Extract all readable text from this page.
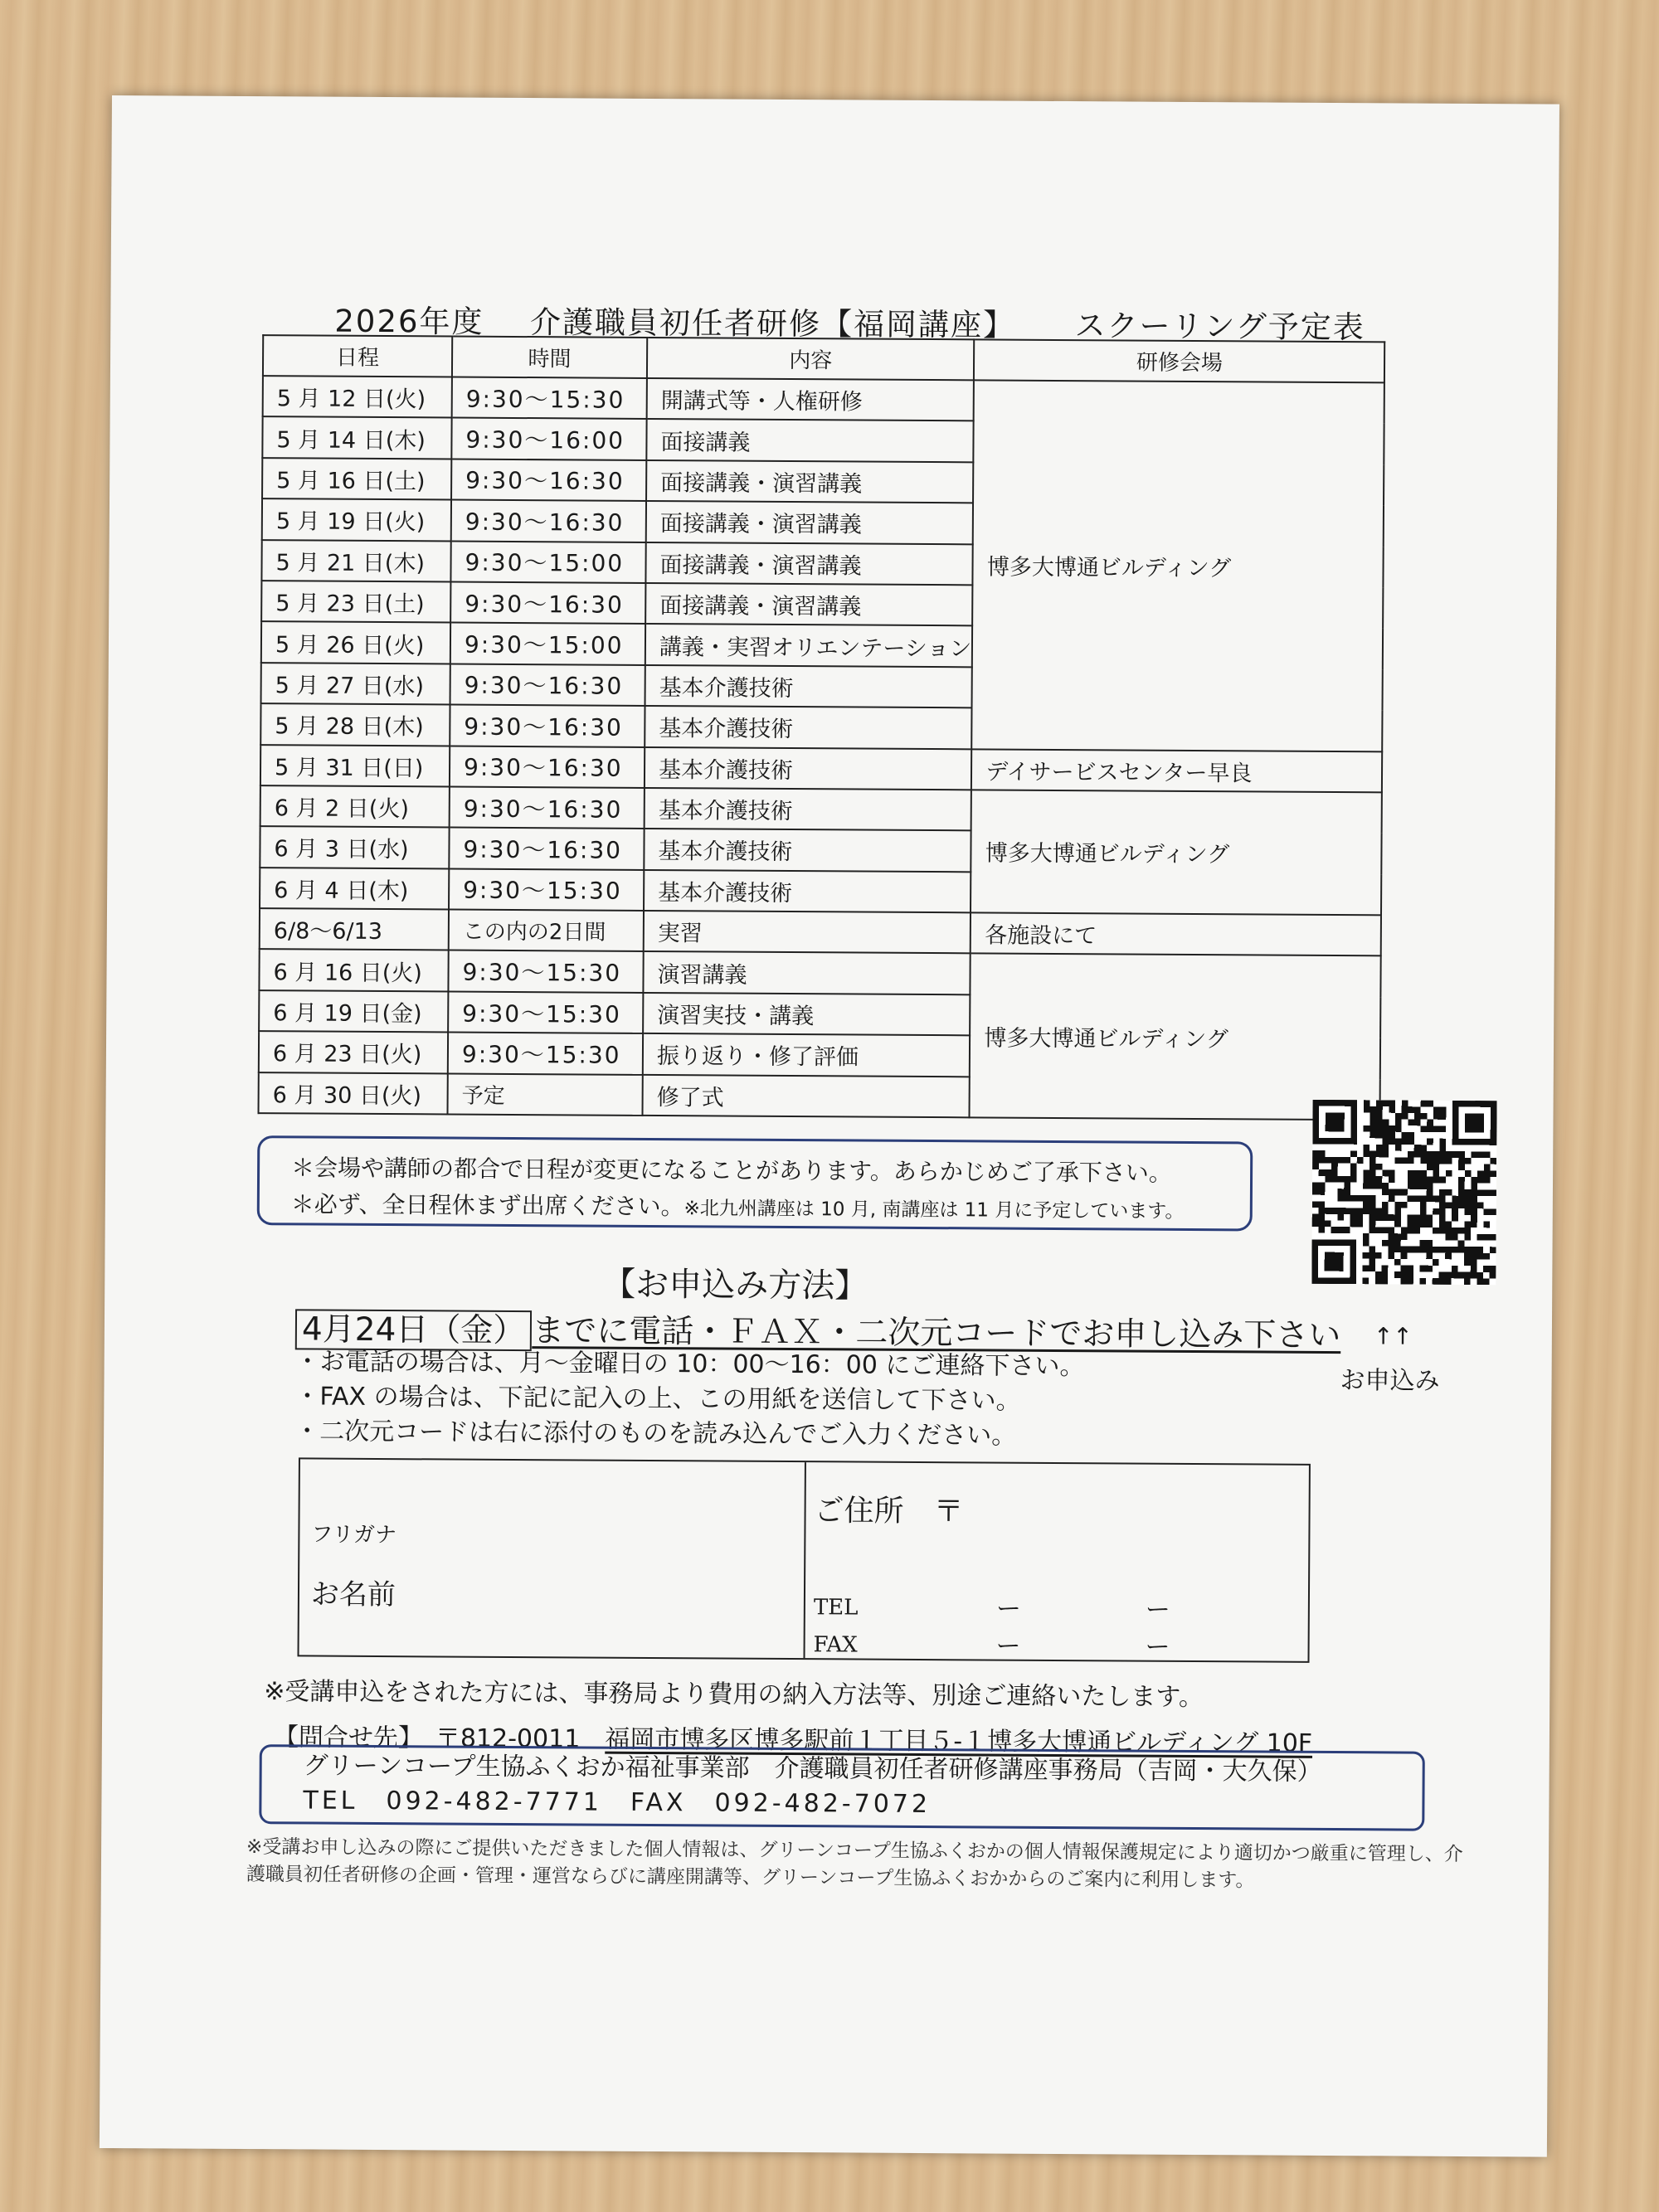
2026年度 介護職員初任者研修【福岡講座】 スクーリング予定表
日程	時間	内容	研修会場
5 月 12 日(火)	9:30〜15:30	開講式等・人権研修	博多大博通ビルディング
5 月 14 日(木)	9:30〜16:00	面接講義	
5 月 16 日(土)	9:30〜16:30	面接講義・演習講義	
5 月 19 日(火)	9:30〜16:30	面接講義・演習講義	
5 月 21 日(木)	9:30〜15:00	面接講義・演習講義	
5 月 23 日(土)	9:30〜16:30	面接講義・演習講義	
5 月 26 日(火)	9:30〜15:00	講義・実習オリエンテーション	
5 月 27 日(水)	9:30〜16:30	基本介護技術	
5 月 28 日(木)	9:30〜16:30	基本介護技術	
5 月 31 日(日)	9:30〜16:30	基本介護技術	デイサービスセンター早良
6 月 2 日(火)	9:30〜16:30	基本介護技術	博多大博通ビルディング
6 月 3 日(水)	9:30〜16:30	基本介護技術	
6 月 4 日(木)	9:30〜15:30	基本介護技術	
6/8〜6/13	この内の2日間	実習	各施設にて
6 月 16 日(火)	9:30〜15:30	演習講義	博多大博通ビルディング
6 月 19 日(金)	9:30〜15:30	演習実技・講義	
6 月 23 日(火)	9:30〜15:30	振り返り・修了評価	
6 月 30 日(火)	予定	修了式	
＊会場や講師の都合で日程が変更になることがあります。あらかじめご了承下さい。
＊必ず、全日程休まず出席ください。※北九州講座は 10 月, 南講座は 11 月に予定しています。
【お申込み方法】
4月24日（金） までに電話・ＦＡＸ・二次元コードでお申し込み下さい ↑↑
お申込み
・お電話の場合は、月〜金曜日の 10：00〜16：00 にご連絡下さい。
・FAX の場合は、下記に記入の上、この用紙を送信して下さい。
・二次元コードは右に添付のものを読み込んでご入力ください。
フリガナ
お名前
ご住所　〒
TEL
FAX
ー	ー
ー	ー
※受講申込をされた方には、事務局より費用の納入方法等、別途ご連絡いたします。
【問合せ先】　〒812-0011　 福岡市博多区博多駅前１丁目５-１博多大博通ビルディング 10F
グリーンコープ生協ふくおか福祉事業部　介護職員初任者研修講座事務局（吉岡・大久保）
TEL　092-482-7771　FAX　092-482-7072
※受講お申し込みの際にご提供いただきました個人情報は、グリーンコープ生協ふくおかの個人情報保護規定により適切かつ厳重に管理し、介護職員初任者研修の企画・管理・運営ならびに講座開講等、グリーンコープ生協ふくおかからのご案内に利用します。
